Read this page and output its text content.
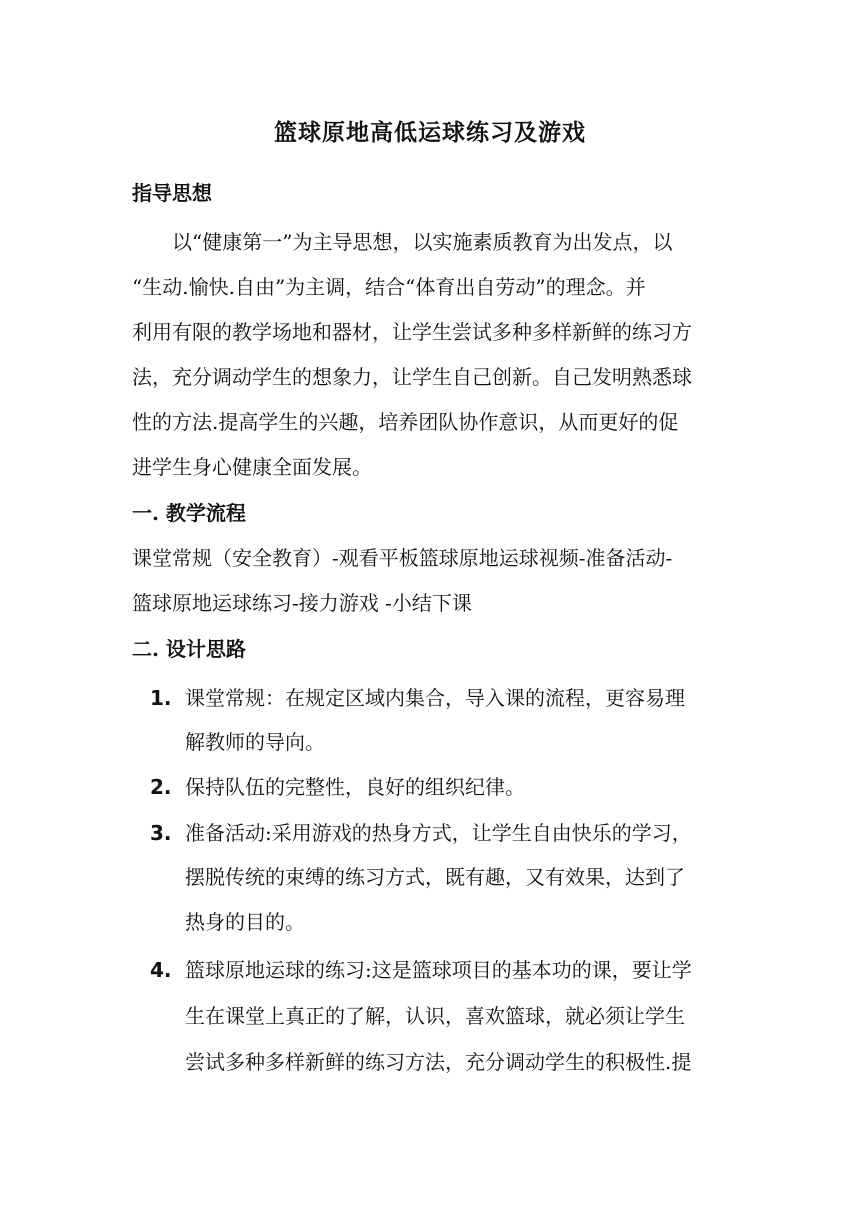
篮球原地高低运球练习及游戏
指导思想
以“健康第一”为主导思想，以实施素质教育为出发点，以
“生动.愉快.自由”为主调，结合“体育出自劳动”的理念。并
利用有限的教学场地和器材，让学生尝试多种多样新鲜的练习方
法，充分调动学生的想象力，让学生自己创新。自己发明熟悉球
性的方法.提高学生的兴趣，培养团队协作意识，从而更好的促
进学生身心健康全面发展。
一. 教学流程
课堂常规（安全教育）-观看平板篮球原地运球视频-准备活动-
篮球原地运球练习-接力游戏 -小结下课
二. 设计思路
1. 课堂常规：在规定区域内集合，导入课的流程，更容易理
解教师的导向。
2. 保持队伍的完整性，良好的组织纪律。
3. 准备活动:采用游戏的热身方式，让学生自由快乐的学习，
摆脱传统的束缚的练习方式，既有趣，又有效果，达到了
热身的目的。
4. 篮球原地运球的练习:这是篮球项目的基本功的课，要让学
生在课堂上真正的了解，认识，喜欢篮球，就必须让学生
尝试多种多样新鲜的练习方法，充分调动学生的积极性.提
